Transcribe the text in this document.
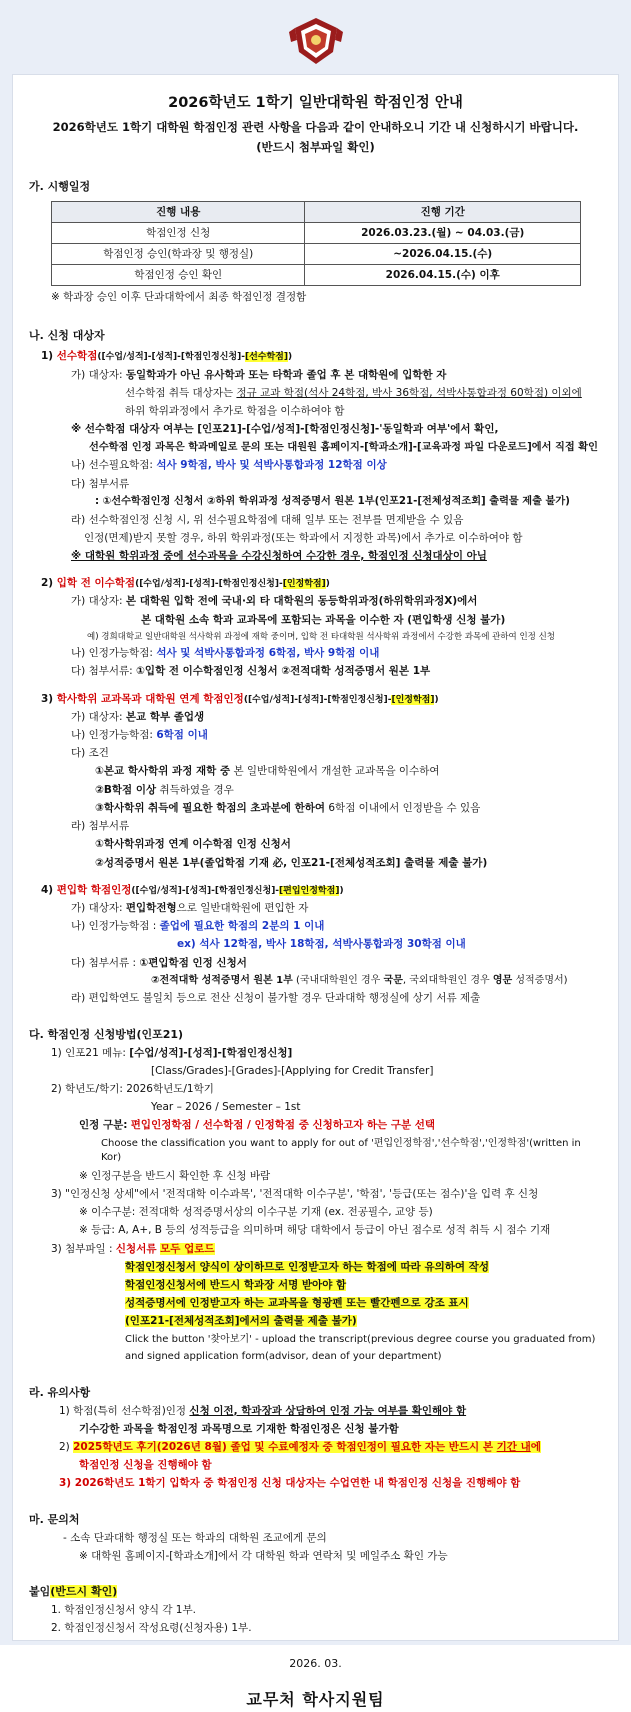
2026학년도 1학기 일반대학원 학점인정 안내
2026학년도 1학기 대학원 학점인정 관련 사항을 다음과 같이 안내하오니 기간 내 신청하시기 바랍니다.
(반드시 첨부파일 확인)
가. 시행일정
진행 내용	진행 기간
학점인정 신청	2026.03.23.(월) ~ 04.03.(금)
학점인정 승인(학과장 및 행정실)	~2026.04.15.(수)
학점인정 승인 확인	2026.04.15.(수) 이후
※ 학과장 승인 이후 단과대학에서 최종 학점인정 결정함
나. 신청 대상자
1) 선수학점([수업/성적]-[성적]-[학점인정신청]-[선수학점])
가) 대상자: 동일학과가 아닌 유사학과 또는 타학과 졸업 후 본 대학원에 입학한 자
선수학점 취득 대상자는 정규 교과 학점(석사 24학점, 박사 36학점, 석박사통합과정 60학점) 이외에
하위 학위과정에서 추가로 학점을 이수하여야 함
※ 선수학점 대상자 여부는 [인포21]-[수업/성적]-[학점인정신청]-'동일학과 여부'에서 확인,
선수학점 인정 과목은 학과메일로 문의 또는 대원원 홈페이지-[학과소개]-[교육과정 파일 다운로드]에서 직접 확인
나) 선수필요학점: 석사 9학점, 박사 및 석박사통합과정 12학점 이상
다) 첨부서류
: ①선수학점인정 신청서 ②하위 학위과정 성적증명서 원본 1부(인포21-[전체성적조회] 출력물 제출 불가)
라) 선수학점인정 신청 시, 위 선수필요학점에 대해 일부 또는 전부를 면제받을 수 있음
인정(면제)받지 못할 경우, 하위 학위과정(또는 학과에서 지정한 과목)에서 추가로 이수하여야 함
※ 대학원 학위과정 중에 선수과목을 수강신청하여 수강한 경우, 학점인정 신청대상이 아님
2) 입학 전 이수학점([수업/성적]-[성적]-[학점인정신청]-[인정학점])
가) 대상자: 본 대학원 입학 전에 국내·외 타 대학원의 동등학위과정(하위학위과정X)에서
본 대학원 소속 학과 교과목에 포함되는 과목을 이수한 자 (편입학생 신청 불가)
예) 경희대학교 일반대학원 석사학위 과정에 재학 중이며, 입학 전 타대학원 석사학위 과정에서 수강한 과목에 관하여 인정 신청
나) 인정가능학점: 석사 및 석박사통합과정 6학점, 박사 9학점 이내
다) 첨부서류: ①입학 전 이수학점인정 신청서 ②전적대학 성적증명서 원본 1부
3) 학사학위 교과목과 대학원 연계 학점인정([수업/성적]-[성적]-[학점인정신청]-[인정학점])
가) 대상자: 본교 학부 졸업생
나) 인정가능학점: 6학점 이내
다) 조건
①본교 학사학위 과정 재학 중 본 일반대학원에서 개설한 교과목을 이수하여
②B학점 이상 취득하였을 경우
③학사학위 취득에 필요한 학점의 초과분에 한하여 6학점 이내에서 인정받을 수 있음
라) 첨부서류
①학사학위과정 연계 이수학점 인정 신청서
②성적증명서 원본 1부(졸업학점 기재 必, 인포21-[전체성적조회] 출력물 제출 불가)
4) 편입학 학점인정([수업/성적]-[성적]-[학점인정신청]-[편입인정학점])
가) 대상자: 편입학전형으로 일반대학원에 편입한 자
나) 인정가능학점 : 졸업에 필요한 학점의 2분의 1 이내
ex) 석사 12학점, 박사 18학점, 석박사통합과정 30학점 이내
다) 첨부서류 : ①편입학점 인정 신청서
②전적대학 성적증명서 원본 1부 (국내대학원인 경우 국문, 국외대학원인 경우 영문 성적증명서)
라) 편입학연도 불일치 등으로 전산 신청이 불가할 경우 단과대학 행정실에 상기 서류 제출
다. 학점인정 신청방법(인포21)
1) 인포21 메뉴: [수업/성적]-[성적]-[학점인정신청]
[Class/Grades]-[Grades]-[Applying for Credit Transfer]
2) 학년도/학기: 2026학년도/1학기
Year – 2026 / Semester – 1st
인정 구분: 편입인정학점 / 선수학점 / 인정학점 중 신청하고자 하는 구분 선택
Choose the classification you want to apply for out of '편입인정학점','선수학점','인정학점'(written in Kor)
※ 인정구분을 반드시 확인한 후 신청 바람
3) "인정신청 상세"에서 '전적대학 이수과목', '전적대학 이수구분', '학점', '등급(또는 점수)'을 입력 후 신청
※ 이수구분: 전적대학 성적증명서상의 이수구분 기재 (ex. 전공필수, 교양 등)
※ 등급: A, A+, B 등의 성적등급을 의미하며 해당 대학에서 등급이 아닌 점수로 성적 취득 시 점수 기재
3) 첨부파일 : 신청서류 모두 업로드
학점인정신청서 양식이 상이하므로 인정받고자 하는 학점에 따라 유의하여 작성
학점인정신청서에 반드시 학과장 서명 받아야 함
성적증명서에 인정받고자 하는 교과목을 형광펜 또는 빨간펜으로 강조 표시
(인포21-[전체성적조회]에서의 출력물 제출 불가)
Click the button '찾아보기' - upload the transcript(previous degree course you graduated from)
and signed application form(advisor, dean of your department)
라. 유의사항
1) 학점(특히 선수학점)인정 신청 이전, 학과장과 상담하여 인정 가능 여부를 확인해야 함
기수강한 과목을 학점인정 과목명으로 기재한 학점인정은 신청 불가함
2) 2025학년도 후기(2026년 8월) 졸업 및 수료예정자 중 학점인정이 필요한 자는 반드시 본 기간 내에
학점인정 신청을 진행해야 함
3) 2026학년도 1학기 입학자 중 학점인정 신청 대상자는 수업연한 내 학점인정 신청을 진행해야 함
마. 문의처
- 소속 단과대학 행정실 또는 학과의 대학원 조교에게 문의
※ 대학원 홈페이지-[학과소개]에서 각 대학원 학과 연락처 및 메일주소 확인 가능
붙임(반드시 확인)
1. 학점인정신청서 양식 각 1부.
2. 학점인정신청서 작성요령(신청자용) 1부.
2026. 03.
교무처 학사지원팀
